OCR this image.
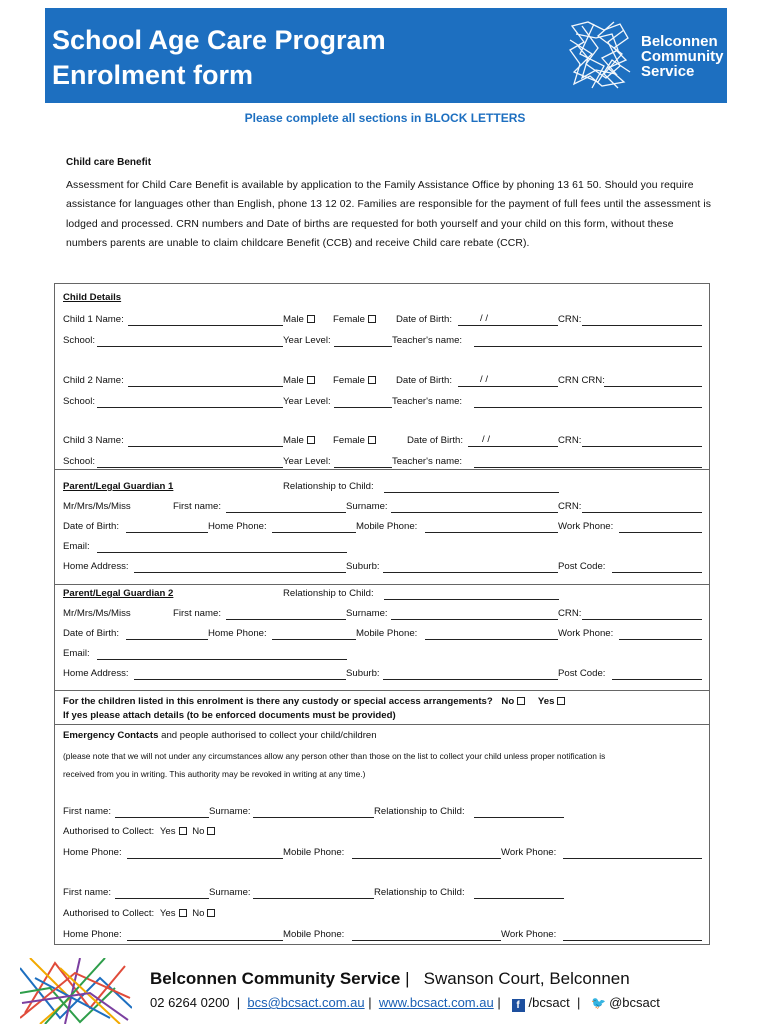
School Age Care Program
Enrolment form
Belconnen
Community
Service
Please complete all sections in BLOCK LETTERS
Child care Benefit
Assessment for Child Care Benefit is available by application to the Family Assistance Office by phoning 13 61 50. Should you require assistance for languages other than English, phone 13 12 02. Families are responsible for the payment of full fees until the assessment is lodged and processed. CRN numbers and Date of births are requested for both yourself and your child on this form, without these numbers parents are unable to claim childcare Benefit (CCB) and receive Child care rebate (CCR).
Child Details
Child 1 Name:	Male	Female	Date of Birth:	/ /	CRN:
School:	Year Level:	Teacher's name:
Child 2 Name:	Male	Female	Date of Birth:	/ /	CRN CRN:
School:	Year Level:	Teacher's name:
Child 3 Name:	Male	Female	Date of Birth: / /	CRN:
School:	Year Level:	Teacher's name:
Parent/Legal Guardian 1	Relationship to Child:
Mr/Mrs/Ms/Miss	First name:	Surname:	CRN:
Date of Birth:	Home Phone:	Mobile Phone:	Work Phone:
Email:
Home Address:	Suburb:	Post Code:
Parent/Legal Guardian 2	Relationship to Child:
Mr/Mrs/Ms/Miss	First name:	Surname:	CRN:
Date of Birth:	Home Phone:	Mobile Phone:	Work Phone:
Email:
Home Address:	Suburb:	Post Code:
For the children listed in this enrolment is there any custody or special access arrangements? No Yes
If yes please attach details (to be enforced documents must be provided)
Emergency Contacts and people authorised to collect your child/children
(please note that we will not under any circumstances allow any person other than those on the list to collect your child unless proper notification is
received from you in writing. This authority may be revoked in writing at any time.)
First name:	Surname:	Relationship to Child:
Authorised to Collect: Yes No
Home Phone:	Mobile Phone:	Work Phone:
First name:	Surname:	Relationship to Child:
Authorised to Collect: Yes No
Home Phone:	Mobile Phone:	Work Phone:
Belconnen Community Service |   Swanson Court, Belconnen
02 6264 0200  |  bcs@bcsact.com.au |  www.bcsact.com.au |   f /bcsact  |   🐦 @bcsact
